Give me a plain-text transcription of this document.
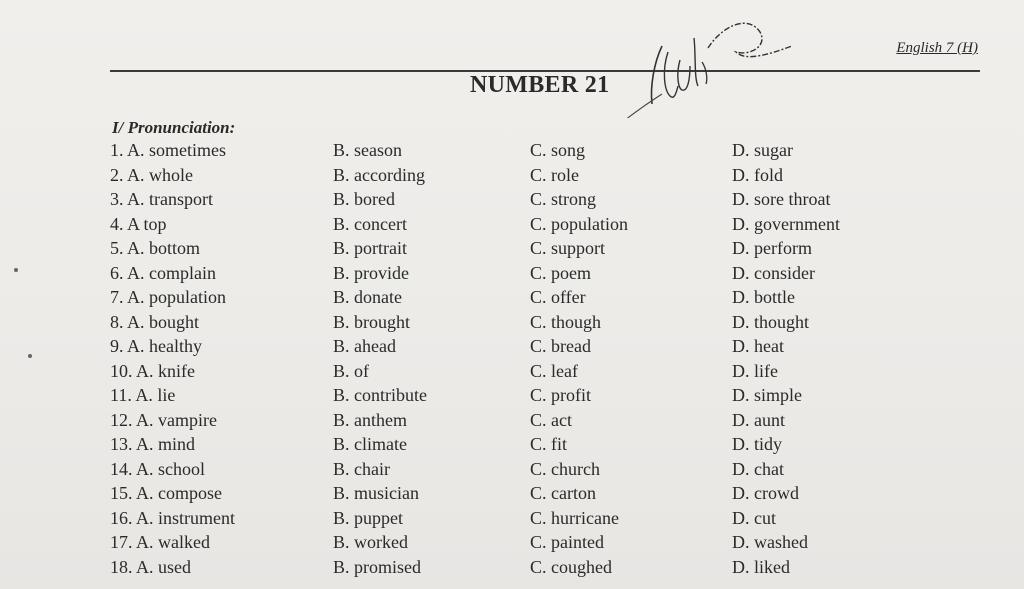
English 7 (H)
NUMBER 21
I/ Pronunciation:
1. A. sometimes
2. A. whole
3. A. transport
4. A top
5. A. bottom
6. A. complain
7. A. population
8. A. bought
9. A. healthy
10. A. knife
11. A. lie
12. A. vampire
13. A. mind
14. A. school
15. A. compose
16. A. instrument
17. A. walked
18. A. used
B. season
B. according
B. bored
B. concert
B. portrait
B. provide
B. donate
B. brought
B. ahead
B. of
B. contribute
B. anthem
B. climate
B. chair
B. musician
B. puppet
B. worked
B. promised
C. song
C. role
C. strong
C. population
C. support
C. poem
C. offer
C. though
C. bread
C. leaf
C. profit
C. act
C. fit
C. church
C. carton
C. hurricane
C. painted
C. coughed
D. sugar
D. fold
D. sore throat
D. government
D. perform
D. consider
D. bottle
D. thought
D. heat
D. life
D. simple
D. aunt
D. tidy
D. chat
D. crowd
D. cut
D. washed
D. liked
